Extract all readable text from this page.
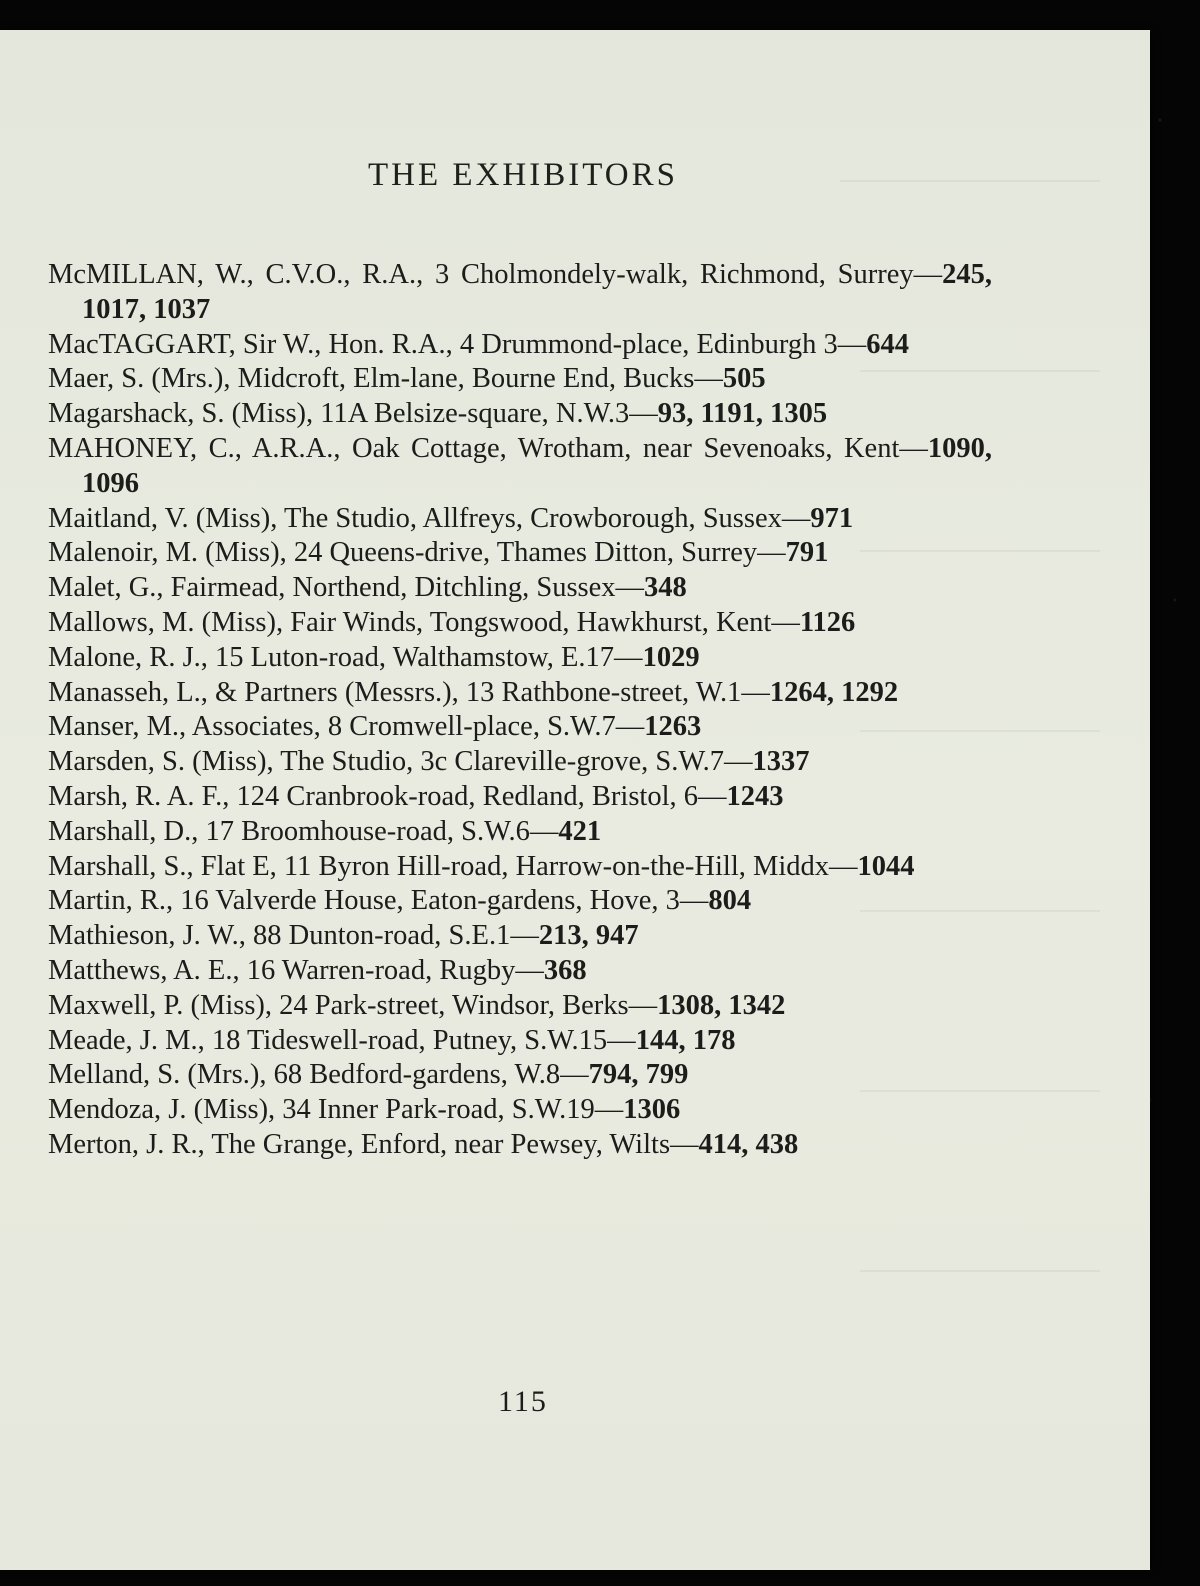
THE EXHIBITORS
McMILLAN, W., C.V.O., R.A., 3 Cholmondely-walk, Richmond, Surrey—245, 1017, 1037
MacTAGGART, Sir W., Hon. R.A., 4 Drummond-place, Edinburgh 3—644
Maer, S. (Mrs.), Midcroft, Elm-lane, Bourne End, Bucks—505
Magarshack, S. (Miss), 11A Belsize-square, N.W.3—93, 1191, 1305
MAHONEY, C., A.R.A., Oak Cottage, Wrotham, near Sevenoaks, Kent—1090, 1096
Maitland, V. (Miss), The Studio, Allfreys, Crowborough, Sussex—971
Malenoir, M. (Miss), 24 Queens-drive, Thames Ditton, Surrey—791
Malet, G., Fairmead, Northend, Ditchling, Sussex—348
Mallows, M. (Miss), Fair Winds, Tongswood, Hawkhurst, Kent—1126
Malone, R. J., 15 Luton-road, Walthamstow, E.17—1029
Manasseh, L., & Partners (Messrs.), 13 Rathbone-street, W.1—1264, 1292
Manser, M., Associates, 8 Cromwell-place, S.W.7—1263
Marsden, S. (Miss), The Studio, 3c Clareville-grove, S.W.7—1337
Marsh, R. A. F., 124 Cranbrook-road, Redland, Bristol, 6—1243
Marshall, D., 17 Broomhouse-road, S.W.6—421
Marshall, S., Flat E, 11 Byron Hill-road, Harrow-on-the-Hill, Middx—1044
Martin, R., 16 Valverde House, Eaton-gardens, Hove, 3—804
Mathieson, J. W., 88 Dunton-road, S.E.1—213, 947
Matthews, A. E., 16 Warren-road, Rugby—368
Maxwell, P. (Miss), 24 Park-street, Windsor, Berks—1308, 1342
Meade, J. M., 18 Tideswell-road, Putney, S.W.15—144, 178
Melland, S. (Mrs.), 68 Bedford-gardens, W.8—794, 799
Mendoza, J. (Miss), 34 Inner Park-road, S.W.19—1306
Merton, J. R., The Grange, Enford, near Pewsey, Wilts—414, 438

115
